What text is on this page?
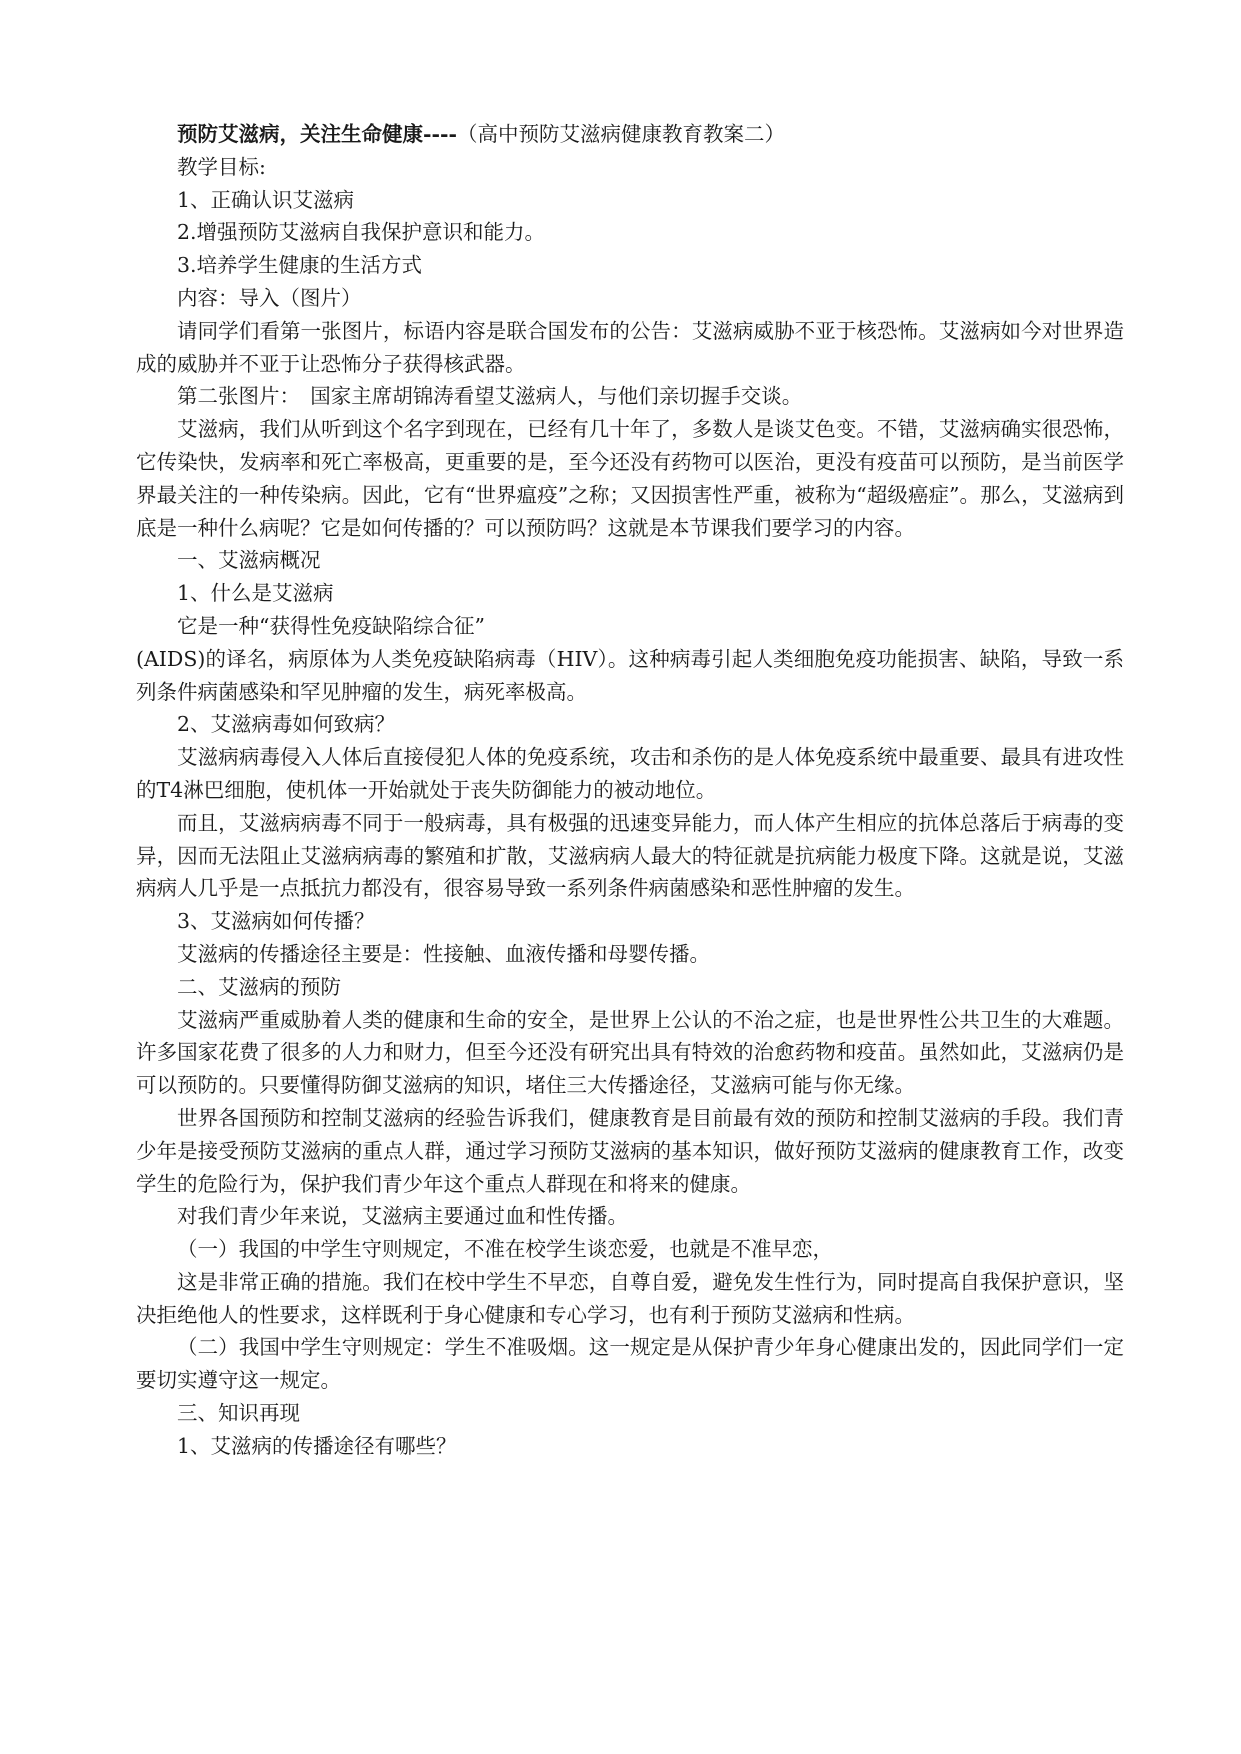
预防艾滋病，关注生命健康----（高中预防艾滋病健康教育教案二）

教学目标:

1、正确认识艾滋病

2.增强预防艾滋病自我保护意识和能力。

3.培养学生健康的生活方式

内容：导入（图片）

请同学们看第一张图片，标语内容是联合国发布的公告：艾滋病威胁不亚于核恐怖。艾滋病如今对世界造成的威胁并不亚于让恐怖分子获得核武器。

第二张图片：　国家主席胡锦涛看望艾滋病人，与他们亲切握手交谈。

艾滋病，我们从听到这个名字到现在，已经有几十年了，多数人是谈艾色变。不错，艾滋病确实很恐怖，它传染快，发病率和死亡率极高，更重要的是，至今还没有药物可以医治，更没有疫苗可以预防，是当前医学界最关注的一种传染病。因此，它有“世界瘟疫”之称；又因损害性严重，被称为“超级癌症”。那么，艾滋病到底是一种什么病呢？它是如何传播的？可以预防吗？这就是本节课我们要学习的内容。

一、艾滋病概况

1、什么是艾滋病

它是一种“获得性免疫缺陷综合征”

(AIDS)的译名，病原体为人类免疫缺陷病毒（HIV）。这种病毒引起人类细胞免疫功能损害、缺陷，导致一系列条件病菌感染和罕见肿瘤的发生，病死率极高。

2、艾滋病毒如何致病？

艾滋病病毒侵入人体后直接侵犯人体的免疫系统，攻击和杀伤的是人体免疫系统中最重要、最具有进攻性的T4淋巴细胞，使机体一开始就处于丧失防御能力的被动地位。

而且，艾滋病病毒不同于一般病毒，具有极强的迅速变异能力，而人体产生相应的抗体总落后于病毒的变异，因而无法阻止艾滋病病毒的繁殖和扩散，艾滋病病人最大的特征就是抗病能力极度下降。这就是说，艾滋病病人几乎是一点抵抗力都没有，很容易导致一系列条件病菌感染和恶性肿瘤的发生。

3、艾滋病如何传播？

艾滋病的传播途径主要是：性接触、血液传播和母婴传播。

二、艾滋病的预防

艾滋病严重威胁着人类的健康和生命的安全，是世界上公认的不治之症，也是世界性公共卫生的大难题。许多国家花费了很多的人力和财力，但至今还没有研究出具有特效的治愈药物和疫苗。虽然如此，艾滋病仍是可以预防的。只要懂得防御艾滋病的知识，堵住三大传播途径，艾滋病可能与你无缘。

世界各国预防和控制艾滋病的经验告诉我们，健康教育是目前最有效的预防和控制艾滋病的手段。我们青少年是接受预防艾滋病的重点人群，通过学习预防艾滋病的基本知识，做好预防艾滋病的健康教育工作，改变学生的危险行为，保护我们青少年这个重点人群现在和将来的健康。

对我们青少年来说，艾滋病主要通过血和性传播。

（一）我国的中学生守则规定，不准在校学生谈恋爱，也就是不准早恋，

这是非常正确的措施。我们在校中学生不早恋，自尊自爱，避免发生性行为，同时提高自我保护意识，坚决拒绝他人的性要求，这样既利于身心健康和专心学习，也有利于预防艾滋病和性病。

（二）我国中学生守则规定：学生不准吸烟。这一规定是从保护青少年身心健康出发的，因此同学们一定要切实遵守这一规定。

三、知识再现

1、艾滋病的传播途径有哪些？
